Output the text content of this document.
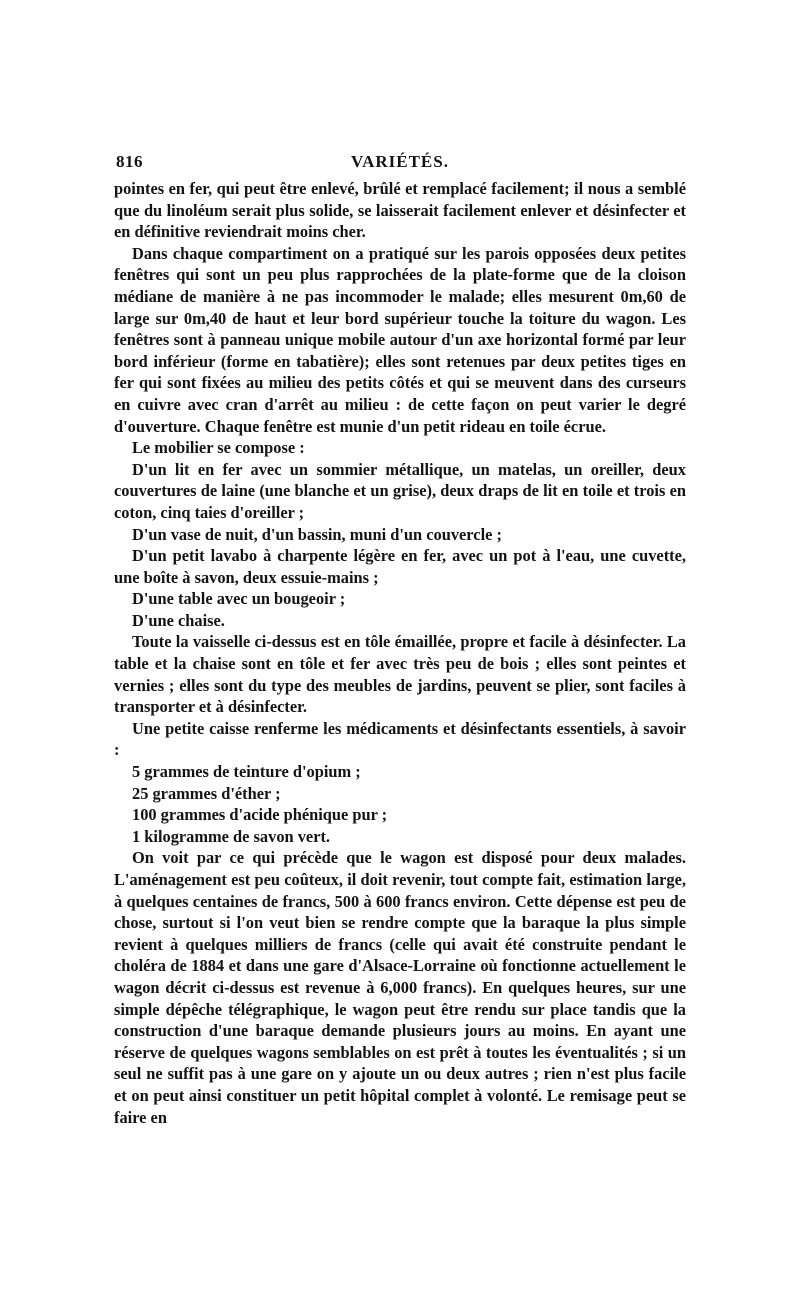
816	VARIÉTÉS.

pointes en fer, qui peut être enlevé, brûlé et remplacé facilement; il nous a semblé que du linoléum serait plus solide, se laisserait facilement enlever et désinfecter et en définitive reviendrait moins cher.

Dans chaque compartiment on a pratiqué sur les parois opposées deux petites fenêtres qui sont un peu plus rapprochées de la plate-forme que de la cloison médiane de manière à ne pas incommoder le malade; elles mesurent 0m,60 de large sur 0m,40 de haut et leur bord supérieur touche la toiture du wagon. Les fenêtres sont à panneau unique mobile autour d'un axe horizontal formé par leur bord inférieur (forme en tabatière); elles sont retenues par deux petites tiges en fer qui sont fixées au milieu des petits côtés et qui se meuvent dans des curseurs en cuivre avec cran d'arrêt au milieu : de cette façon on peut varier le degré d'ouverture. Chaque fenêtre est munie d'un petit rideau en toile écrue.

Le mobilier se compose :

D'un lit en fer avec un sommier métallique, un matelas, un oreiller, deux couvertures de laine (une blanche et un grise), deux draps de lit en toile et trois en coton, cinq taies d'oreiller ;

D'un vase de nuit, d'un bassin, muni d'un couvercle ;

D'un petit lavabo à charpente légère en fer, avec un pot à l'eau, une cuvette, une boîte à savon, deux essuie-mains ;

D'une table avec un bougeoir ;

D'une chaise.

Toute la vaisselle ci-dessus est en tôle émaillée, propre et facile à désinfecter. La table et la chaise sont en tôle et fer avec très peu de bois ; elles sont peintes et vernies ; elles sont du type des meubles de jardins, peuvent se plier, sont faciles à transporter et à désinfecter.

Une petite caisse renferme les médicaments et désinfectants essentiels, à savoir :

5 grammes de teinture d'opium ;

25 grammes d'éther ;

100 grammes d'acide phénique pur ;

1 kilogramme de savon vert.

On voit par ce qui précède que le wagon est disposé pour deux malades. L'aménagement est peu coûteux, il doit revenir, tout compte fait, estimation large, à quelques centaines de francs, 500 à 600 francs environ. Cette dépense est peu de chose, surtout si l'on veut bien se rendre compte que la baraque la plus simple revient à quelques milliers de francs (celle qui avait été construite pendant le choléra de 1884 et dans une gare d'Alsace-Lorraine où fonctionne actuellement le wagon décrit ci-dessus est revenue à 6,000 francs). En quelques heures, sur une simple dépêche télégraphique, le wagon peut être rendu sur place tandis que la construction d'une baraque demande plusieurs jours au moins. En ayant une réserve de quelques wagons semblables on est prêt à toutes les éventualités ; si un seul ne suffit pas à une gare on y ajoute un ou deux autres ; rien n'est plus facile et on peut ainsi constituer un petit hôpital complet à volonté. Le remisage peut se faire en
